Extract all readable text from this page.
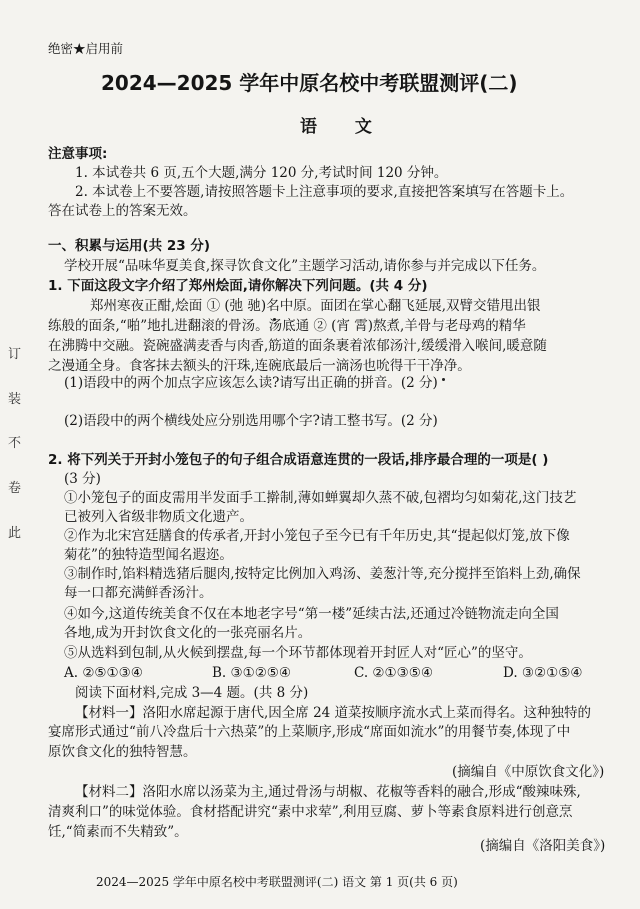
订
装
不
卷
此
绝密★启用前
2024—2025 学年中原名校中考联盟测评(二)
语 文
注意事项:
1. 本试卷共 6 页,五个大题,满分 120 分,考试时间 120 分钟。
2. 本试卷上不要答题,请按照答题卡上注意事项的要求,直接把答案填写在答题卡上。
答在试卷上的答案无效。
一、积累与运用(共 23 分)
学校开展“品味华夏美食,探寻饮食文化”主题学习活动,请你参与并完成以下任务。
1. 下面这段文字介绍了郑州烩面,请你解决下列问题。(共 4 分)
郑州寒夜正酣,烩面 ① (弛 驰)名中原。面团在掌心翻飞延展,双臂交错甩出银
练般的面条,“啪”地扎进翻滚的骨汤。汤底通 ② (宵 霄)熬煮,羊骨与老母鸡的精华
在沸腾中交融。瓷碗盛满麦香与肉香,筋道的面条裹着浓郁汤汁,缓缓滑入喉间,暖意随
之漫通全身。食客抹去额头的汗珠,连碗底最后一滴汤也吮得干干净净。
(1)语段中的两个加点字应该怎么读?请写出正确的拼音。(2 分)
(2)语段中的两个横线处应分别选用哪个字?请工整书写。(2 分)
2. 将下列关于开封小笼包子的句子组合成语意连贯的一段话,排序最合理的一项是( )
(3 分)
①小笼包子的面皮需用半发面手工擀制,薄如蝉翼却久蒸不破,包褶均匀如菊花,这门技艺
已被列入省级非物质文化遗产。
②作为北宋宫廷膳食的传承者,开封小笼包子至今已有千年历史,其“提起似灯笼,放下像
菊花”的独特造型闻名遐迩。
③制作时,馅料精选猪后腿肉,按特定比例加入鸡汤、姜葱汁等,充分搅拌至馅料上劲,确保
每一口都充满鲜香汤汁。
④如今,这道传统美食不仅在本地老字号“第一楼”延续古法,还通过冷链物流走向全国
各地,成为开封饮食文化的一张亮丽名片。
⑤从选料到包制,从火候到摆盘,每一个环节都体现着开封匠人对“匠心”的坚守。
A. ②⑤①③④	B. ③①②⑤④	C. ②①③⑤④	D. ③②①⑤④
阅读下面材料,完成 3—4 题。(共 8 分)
【材料一】洛阳水席起源于唐代,因全席 24 道菜按顺序流水式上菜而得名。这种独特的
宴席形式通过“前八冷盘后十六热菜”的上菜顺序,形成“席面如流水”的用餐节奏,体现了中
原饮食文化的独特智慧。
(摘编自《中原饮食文化》)
【材料二】洛阳水席以汤菜为主,通过骨汤与胡椒、花椒等香料的融合,形成“酸辣味殊,
清爽利口”的味觉体验。食材搭配讲究“素中求荤”,利用豆腐、萝卜等素食原料进行创意烹
饪,“简素而不失精致”。
(摘编自《洛阳美食》)
2024—2025 学年中原名校中考联盟测评(二) 语文 第 1 页(共 6 页)
